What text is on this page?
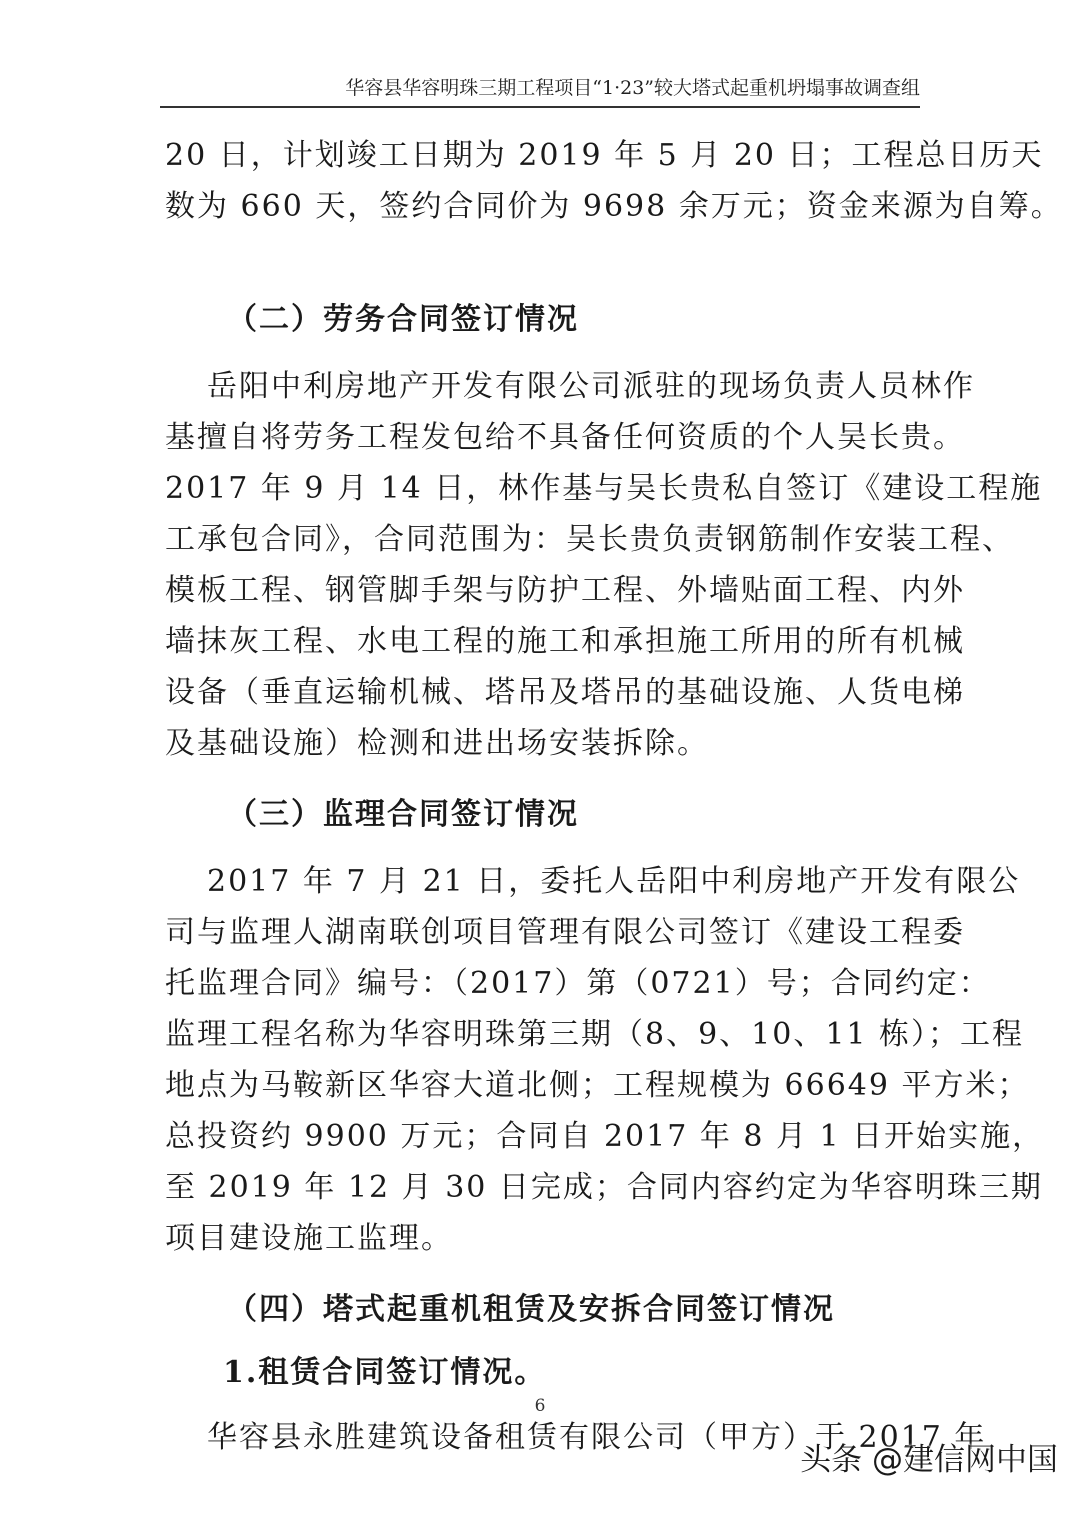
华容县华容明珠三期工程项目“1·23”较大塔式起重机坍塌事故调查组
20 日，计划竣工日期为 2019 年 5 月 20 日；工程总日历天
数为 660 天，签约合同价为 9698 余万元；资金来源为自筹。
（二）劳务合同签订情况
岳阳中利房地产开发有限公司派驻的现场负责人员林作
基擅自将劳务工程发包给不具备任何资质的个人吴长贵。
2017 年 9 月 14 日，林作基与吴长贵私自签订《建设工程施
工承包合同》，合同范围为：吴长贵负责钢筋制作安装工程、
模板工程、钢管脚手架与防护工程、外墙贴面工程、内外
墙抹灰工程、水电工程的施工和承担施工所用的所有机械
设备（垂直运输机械、塔吊及塔吊的基础设施、人货电梯
及基础设施）检测和进出场安装拆除。
（三）监理合同签订情况
2017 年 7 月 21 日，委托人岳阳中利房地产开发有限公
司与监理人湖南联创项目管理有限公司签订《建设工程委
托监理合同》编号：（2017）第（0721）号；合同约定：
监理工程名称为华容明珠第三期（8、9、10、11 栋）；工程
地点为马鞍新区华容大道北侧；工程规模为 66649 平方米；
总投资约 9900 万元；合同自 2017 年 8 月 1 日开始实施，
至 2019 年 12 月 30 日完成；合同内容约定为华容明珠三期
项目建设施工监理。
（四）塔式起重机租赁及安拆合同签订情况
1.租赁合同签订情况。
华容县永胜建筑设备租赁有限公司（甲方）于 2017 年
6
头条 @建信网中国
